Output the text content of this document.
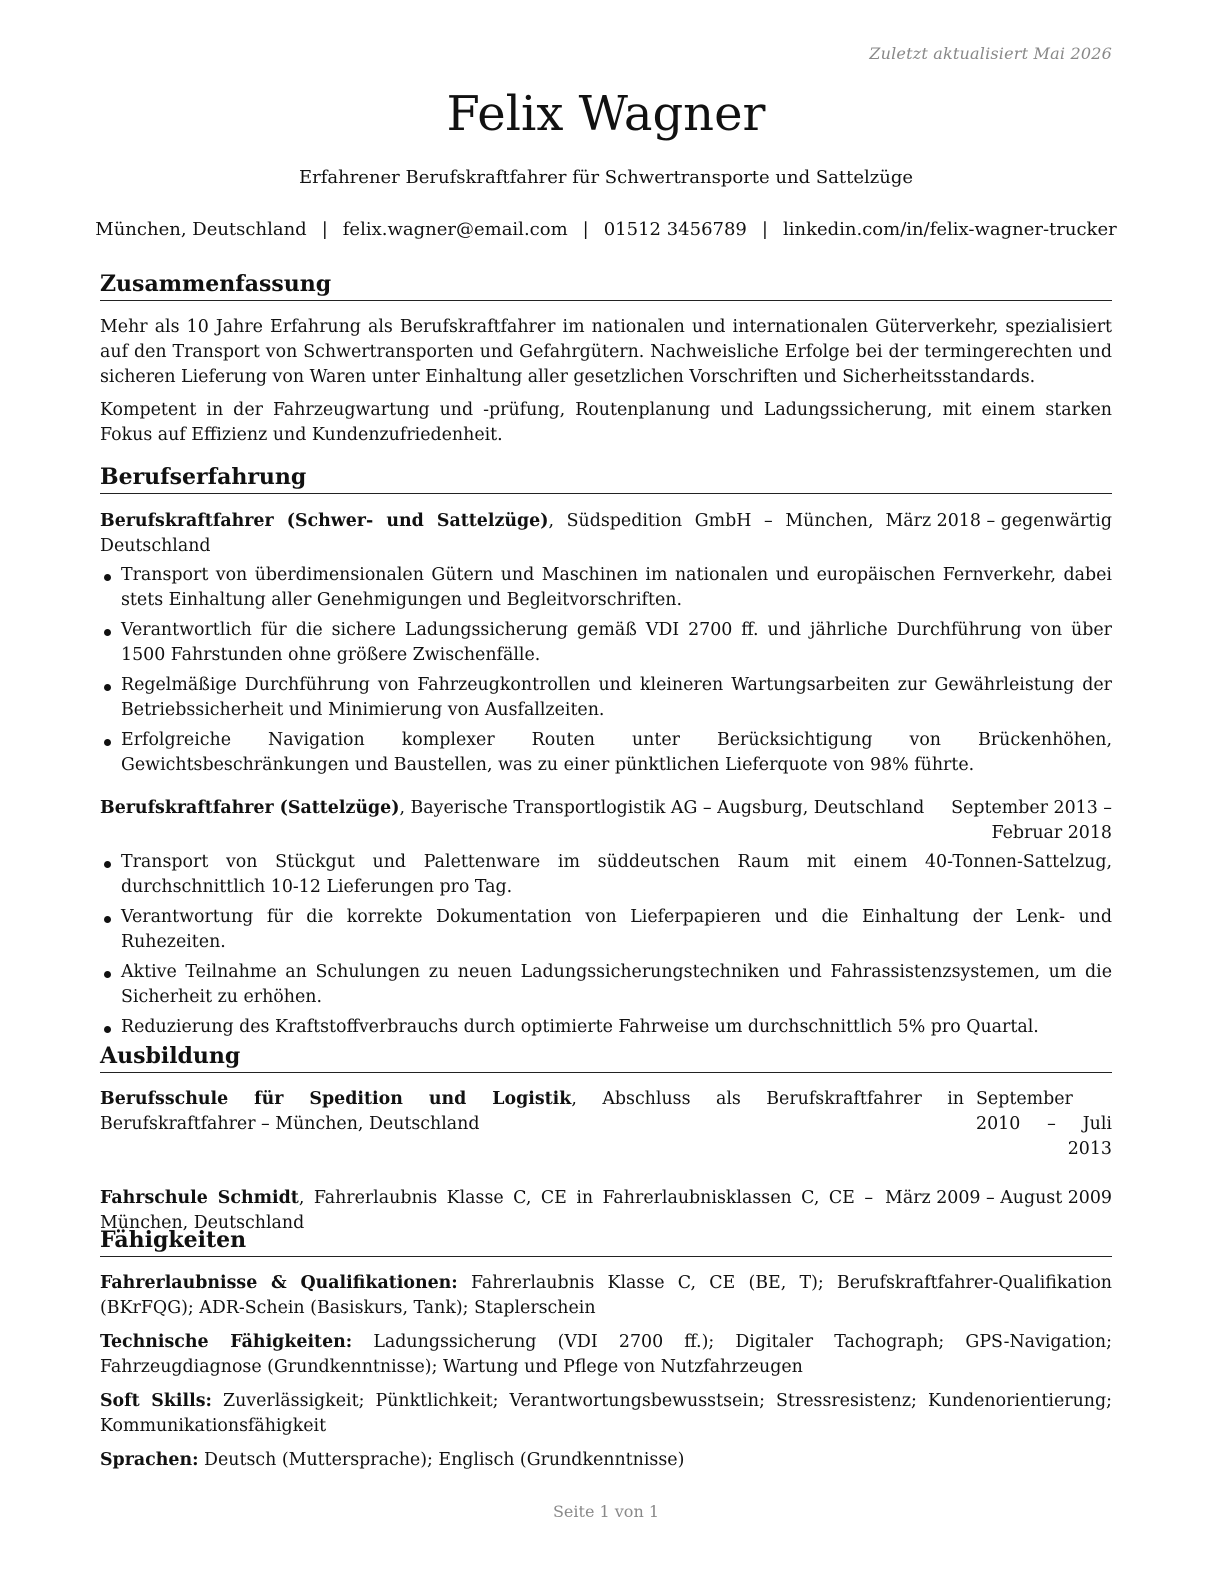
Zuletzt aktualisiert Mai 2026
Felix Wagner
Erfahrener Berufskraftfahrer für Schwertransporte und Sattelzüge
München, Deutschland | felix.wagner@email.com | 01512 3456789 | linkedin.com/in/felix-wagner-trucker
Zusammenfassung

Mehr als 10 Jahre Erfahrung als Berufskraftfahrer im nationalen und internationalen Güterverkehr, spezialisiert auf den Transport von Schwertransporten und Gefahrgütern. Nachweisliche Erfolge bei der termingerechten und sicheren Lieferung von Waren unter Einhaltung aller gesetzlichen Vorschriften und Sicherheitsstandards.

Kompetent in der Fahrzeugwartung und -prüfung, Routenplanung und Ladungssicherung, mit einem starken Fokus auf Effizienz und Kundenzufriedenheit.

Berufserfahrung
Berufskraftfahrer (Schwer- und Sattelzüge), Südspedition GmbH – München, Deutschland
März 2018 – gegenwärtig
Transport von überdimensionalen Gütern und Maschinen im nationalen und europäischen Fernverkehr, dabei stets Einhaltung aller Genehmigungen und Begleitvorschriften.
Verantwortlich für die sichere Ladungssicherung gemäß VDI 2700 ff. und jährliche Durchführung von über 1500 Fahrstunden ohne größere Zwischenfälle.
Regelmäßige Durchführung von Fahrzeugkontrollen und kleineren Wartungsarbeiten zur Gewährleistung der Betriebssicherheit und Minimierung von Ausfallzeiten.
Erfolgreiche Navigation komplexer Routen unter Berücksichtigung von Brückenhöhen, Gewichtsbeschränkungen und Baustellen, was zu einer pünktlichen Lieferquote von 98% führte.
Berufskraftfahrer (Sattelzüge), Bayerische Transportlogistik AG – Augsburg, Deutschland	September 2013 – Februar 2018
Transport von Stückgut und Palettenware im süddeutschen Raum mit einem 40-Tonnen-Sattelzug, durchschnittlich 10-12 Lieferungen pro Tag.
Verantwortung für die korrekte Dokumentation von Lieferpapieren und die Einhaltung der Lenk- und Ruhezeiten.
Aktive Teilnahme an Schulungen zu neuen Ladungssicherungstechniken und Fahrassistenzsystemen, um die Sicherheit zu erhöhen.
Reduzierung des Kraftstoffverbrauchs durch optimierte Fahrweise um durchschnittlich 5% pro Quartal.
Ausbildung
Berufsschule für Spedition und Logistik, Abschluss als Berufskraftfahrer in Berufskraftfahrer – München, Deutschland
September 2010 – Juli 2013
Fahrschule Schmidt, Fahrerlaubnis Klasse C, CE in Fahrerlaubnisklassen C, CE – München, Deutschland
März 2009 – August 2009
Fähigkeiten

Fahrerlaubnisse & Qualifikationen: Fahrerlaubnis Klasse C, CE (BE, T); Berufskraftfahrer-Qualifikation (BKrFQG); ADR-Schein (Basiskurs, Tank); Staplerschein

Technische Fähigkeiten: Ladungssicherung (VDI 2700 ff.); Digitaler Tachograph; GPS-Navigation; Fahrzeugdiagnose (Grundkenntnisse); Wartung und Pflege von Nutzfahrzeugen

Soft Skills: Zuverlässigkeit; Pünktlichkeit; Verantwortungsbewusstsein; Stressresistenz; Kundenorientierung; Kommunikationsfähigkeit

Sprachen: Deutsch (Muttersprache); Englisch (Grundkenntnisse)

Seite 1 von 1
